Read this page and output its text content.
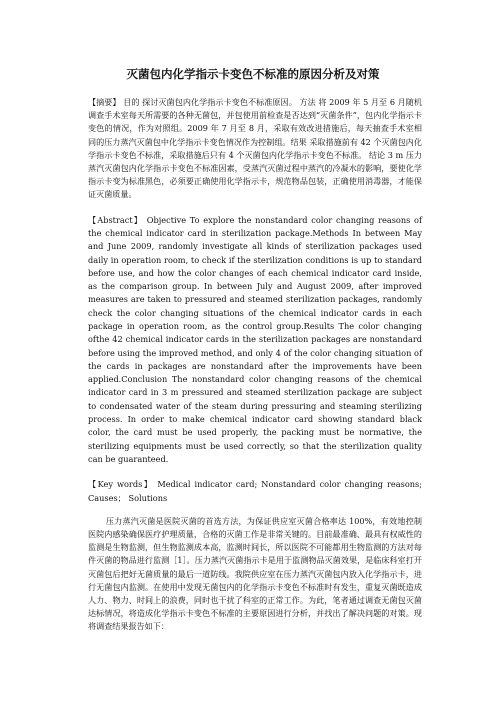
灭菌包内化学指示卡变色不标准的原因分析及对策

【摘要】 目的 探讨灭菌包内化学指示卡变色不标准原因。 方法 将 2009 年 5 月至 6 月随机调查手术室每天所需要的各种无菌包，并包使用前检查是否达到“灭菌条件”，包内化学指示卡变色的情况，作为对照组。2009 年 7 月至 8 月，采取有效改进措施后，每天抽查手术室相同的压力蒸汽灭菌包中化学指示卡变色情况作为控制组。结果 采取措施前有 42 个灭菌包内化学指示卡变色不标准，采取措施后只有 4 个灭菌包内化学指示卡变色不标准。 结论 3 m 压力蒸汽灭菌包内化学指示卡变色不标准因素，受蒸汽灭菌过程中蒸汽的冷凝水的影响，要使化学指示卡变为标准黑色，必须要正确使用化学指示卡，规范物品包装，正确使用消毒器，才能保证灭菌质量。

【Abstract】 Objective To explore the nonstandard color changing reasons of the chemical indicator card in sterilization package.Methods In between May and June 2009, randomly investigate all kinds of sterilization packages used daily in operation room, to check if the sterilization conditions is up to standard before use, and how the color changes of each chemical indicator card inside, as the comparison group. In between July and August 2009, after improved measures are taken to pressured and steamed sterilization packages, randomly check the color changing situations of the chemical indicator cards in each package in operation room, as the control group.Results The color changing ofthe 42 chemical indicator cards in the sterilization packages are nonstandard before using the improved method, and only 4 of the color changing situation of the cards in packages are nonstandard after the improvements have been applied.Conclusion The nonstandard color changing reasons of the chemical indicator card in 3 m pressured and steamed sterilization package are subject to condensated water of the steam during pressuring and steaming sterilizing process. In order to make chemical indicator card showing standard black color, the card must be used properly, the packing must be normative, the sterilizing equipments must be used correctly, so that the sterilization quality can be guaranteed.

【Key words】 Medical indicator card; Nonstandard color changing reasons; Causes； Solutions

压力蒸汽灭菌是医院灭菌的首选方法，为保证供应室灭菌合格率达 100%，有效地控制医院内感染确保医疗护理质量，合格的灭菌工作是非常关键的。目前最准确、最具有权威性的监测是生物监测，但生物监测成本高，监测时间长，所以医院不可能都用生物监测的方法对每件灭菌的物品进行监测［1］。压力蒸汽灭菌指示卡是用于监测物品灭菌效果，是临床科室打开灭菌包后把好无菌质量的最后一道防线。我院供应室在压力蒸汽灭菌包内放入化学指示卡，进行无菌包内监测。在使用中发现无菌包内的化学指示卡变色不标准时有发生，重复灭菌既造成人力、物力、时间上的浪费，同时也干扰了科室的正常工作。为此，笔者通过调查无菌包灭菌达标情况，将造成化学指示卡变色不标准的主要原因进行分析，并找出了解决问题的对策。现将调查结果报告如下：
